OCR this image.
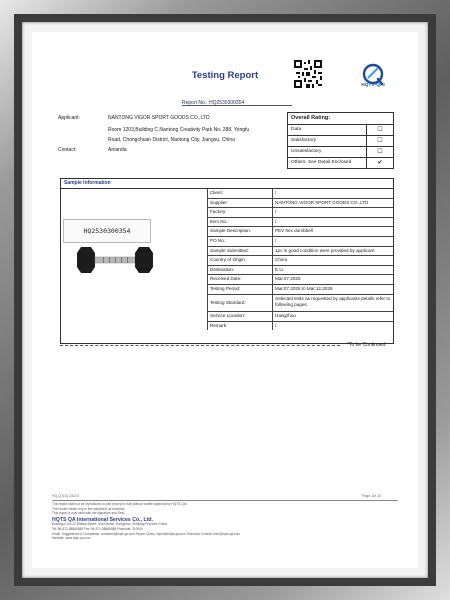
HQTS-QAI
Testing Report
Report No.: HQ2530300354
Applicant:	NANTONG VIGOR SPORT GOODS CO.,LTD
Room 1203,Building C,Nantong Creativity Park No. 288, Yongfu
Road, Chongchuan District, Nantong City, Jiangsu, China
Contact:	Amanda
Overall Rating:
Data	☐
Satisfactory	☐
Unsatisfactory	☐
Others, See Detail Enclosed	✔
Sample Information
HQ2530300354
Client:	/
Supplier:	NANTONG VIGOR SPORT GOODS CO.,LTD
Factory:	/
Item No.:	/
Sample Description:	PEV hex dumbbell
PO No.:	/
Sample Submitted:	1pc in good condition were provided by applicant
Country of Origin:	China
Destination:	E.U.
Received Date:	Mar.07,2025
Testing Period:	Mar.07,2025 to Mar.12,2025
Testing Standard:
Selected tests as requested by applicants,details refer to following pages.
Service Location:	Hangzhou
Remark:	/
*To be Continued
HQ-QT(G)-03/2.0	Page 1of 15
This report shall not be reproduced in part (except in full) without written approval by HQTS-QAI.
The results relate only to the sample(s) as received.
This report is only valid with the signature and Seal.
HQTS QA International Services Co., Ltd.
Building C,No.12 Wulian Street, Jiha District, Hangzhou, Zhejiang Province,China
Tel: 86-571-88865588 Fax: 86-571-88865588 Postcode: 310000
Email: Suggestions & Complaints: customer@hqts-qa.com Report Query: report@hqts-qa.com Technical Consult: tech@hqts-qa.com
Website: www.hqts-qa.com
